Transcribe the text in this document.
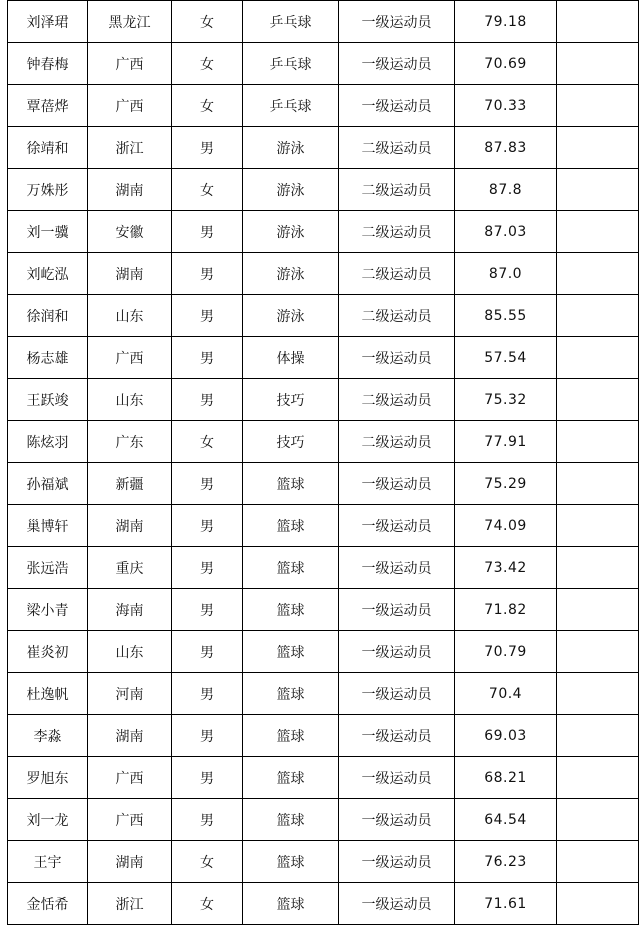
刘泽珺	黑龙江	女	乒乓球	一级运动员	79.18	
钟春梅	广西	女	乒乓球	一级运动员	70.69	
覃蓓烨	广西	女	乒乓球	一级运动员	70.33	
徐靖和	浙江	男	游泳	二级运动员	87.83	
万姝彤	湖南	女	游泳	二级运动员	87.8	
刘一骥	安徽	男	游泳	二级运动员	87.03	
刘屹泓	湖南	男	游泳	二级运动员	87.0	
徐润和	山东	男	游泳	二级运动员	85.55	
杨志雄	广西	男	体操	一级运动员	57.54	
王跃竣	山东	男	技巧	二级运动员	75.32	
陈炫羽	广东	女	技巧	二级运动员	77.91	
孙福斌	新疆	男	篮球	一级运动员	75.29	
巢博轩	湖南	男	篮球	一级运动员	74.09	
张远浩	重庆	男	篮球	一级运动员	73.42	
梁小青	海南	男	篮球	一级运动员	71.82	
崔炎初	山东	男	篮球	一级运动员	70.79	
杜逸帆	河南	男	篮球	一级运动员	70.4	
李淼	湖南	男	篮球	一级运动员	69.03	
罗旭东	广西	男	篮球	一级运动员	68.21	
刘一龙	广西	男	篮球	一级运动员	64.54	
王宇	湖南	女	篮球	一级运动员	76.23	
金恬希	浙江	女	篮球	一级运动员	71.61	
